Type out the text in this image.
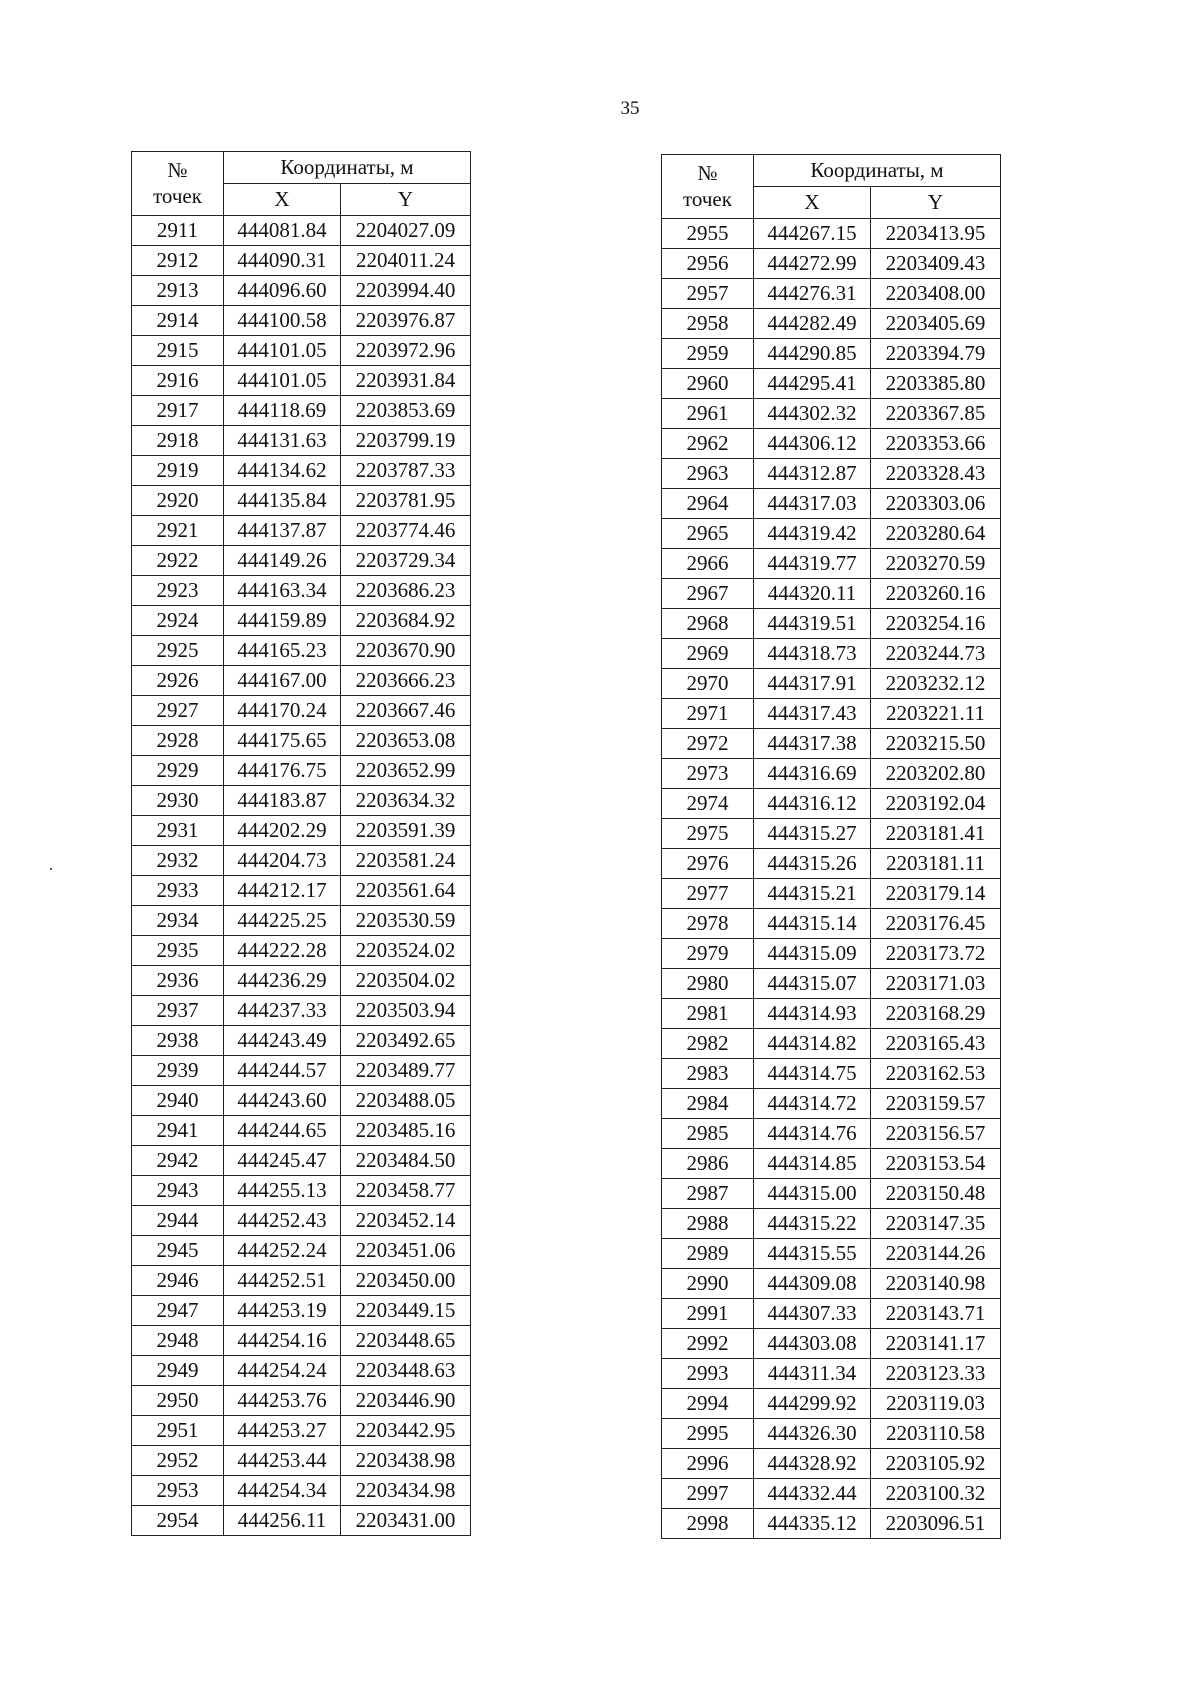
35
№
точек	Координаты, м	
	X	Y
2911	444081.84	2204027.09
2912	444090.31	2204011.24
2913	444096.60	2203994.40
2914	444100.58	2203976.87
2915	444101.05	2203972.96
2916	444101.05	2203931.84
2917	444118.69	2203853.69
2918	444131.63	2203799.19
2919	444134.62	2203787.33
2920	444135.84	2203781.95
2921	444137.87	2203774.46
2922	444149.26	2203729.34
2923	444163.34	2203686.23
2924	444159.89	2203684.92
2925	444165.23	2203670.90
2926	444167.00	2203666.23
2927	444170.24	2203667.46
2928	444175.65	2203653.08
2929	444176.75	2203652.99
2930	444183.87	2203634.32
2931	444202.29	2203591.39
2932	444204.73	2203581.24
2933	444212.17	2203561.64
2934	444225.25	2203530.59
2935	444222.28	2203524.02
2936	444236.29	2203504.02
2937	444237.33	2203503.94
2938	444243.49	2203492.65
2939	444244.57	2203489.77
2940	444243.60	2203488.05
2941	444244.65	2203485.16
2942	444245.47	2203484.50
2943	444255.13	2203458.77
2944	444252.43	2203452.14
2945	444252.24	2203451.06
2946	444252.51	2203450.00
2947	444253.19	2203449.15
2948	444254.16	2203448.65
2949	444254.24	2203448.63
2950	444253.76	2203446.90
2951	444253.27	2203442.95
2952	444253.44	2203438.98
2953	444254.34	2203434.98
2954	444256.11	2203431.00
№
точек	Координаты, м	
	X	Y
2955	444267.15	2203413.95
2956	444272.99	2203409.43
2957	444276.31	2203408.00
2958	444282.49	2203405.69
2959	444290.85	2203394.79
2960	444295.41	2203385.80
2961	444302.32	2203367.85
2962	444306.12	2203353.66
2963	444312.87	2203328.43
2964	444317.03	2203303.06
2965	444319.42	2203280.64
2966	444319.77	2203270.59
2967	444320.11	2203260.16
2968	444319.51	2203254.16
2969	444318.73	2203244.73
2970	444317.91	2203232.12
2971	444317.43	2203221.11
2972	444317.38	2203215.50
2973	444316.69	2203202.80
2974	444316.12	2203192.04
2975	444315.27	2203181.41
2976	444315.26	2203181.11
2977	444315.21	2203179.14
2978	444315.14	2203176.45
2979	444315.09	2203173.72
2980	444315.07	2203171.03
2981	444314.93	2203168.29
2982	444314.82	2203165.43
2983	444314.75	2203162.53
2984	444314.72	2203159.57
2985	444314.76	2203156.57
2986	444314.85	2203153.54
2987	444315.00	2203150.48
2988	444315.22	2203147.35
2989	444315.55	2203144.26
2990	444309.08	2203140.98
2991	444307.33	2203143.71
2992	444303.08	2203141.17
2993	444311.34	2203123.33
2994	444299.92	2203119.03
2995	444326.30	2203110.58
2996	444328.92	2203105.92
2997	444332.44	2203100.32
2998	444335.12	2203096.51
